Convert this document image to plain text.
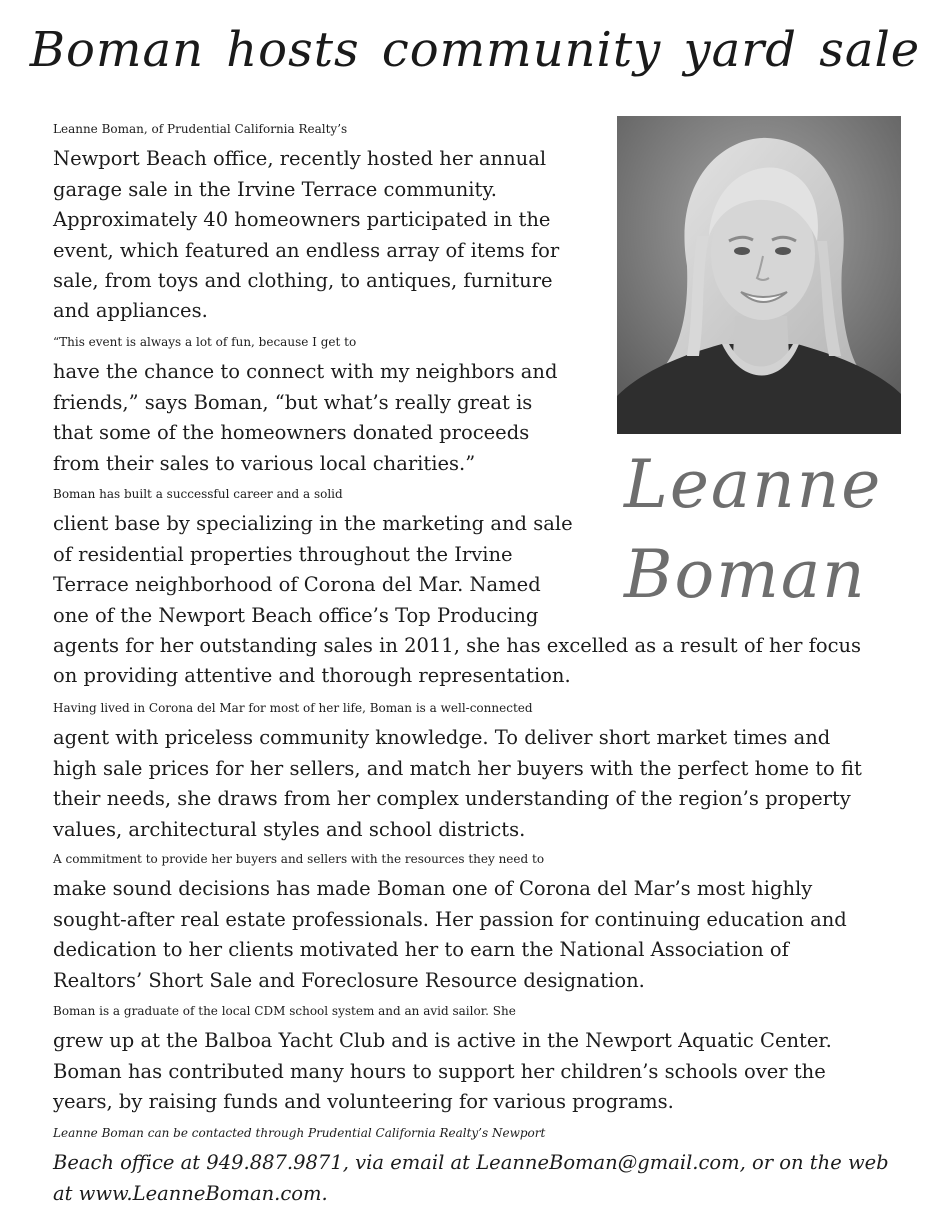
Boman hosts community yard sale
Leanne
Boman

Leanne Boman, of Prudential California Realty’s
Newport Beach office, recently hosted her annual
garage sale in the Irvine Terrace community.
Approximately 40 homeowners participated in the
event, which featured an endless array of items for
sale, from toys and clothing, to antiques, furniture
and appliances.

“This event is always a lot of fun, because I get to
have the chance to connect with my neighbors and
friends,” says Boman, “but what’s really great is
that some of the homeowners donated proceeds
from their sales to various local charities.”

Boman has built a successful career and a solid
client base by specializing in the marketing and sale
of residential properties throughout the Irvine
Terrace neighborhood of Corona del Mar. Named
one of the Newport Beach office’s Top Producing
agents for her outstanding sales in 2011, she has excelled as a result of her focus
on providing attentive and thorough representation.

Having lived in Corona del Mar for most of her life, Boman is a well-connected
agent with priceless community knowledge. To deliver short market times and
high sale prices for her sellers, and match her buyers with the perfect home to fit
their needs, she draws from her complex understanding of the region’s property
values, architectural styles and school districts.

A commitment to provide her buyers and sellers with the resources they need to
make sound decisions has made Boman one of Corona del Mar’s most highly
sought-after real estate professionals. Her passion for continuing education and
dedication to her clients motivated her to earn the National Association of
Realtors’ Short Sale and Foreclosure Resource designation.

Boman is a graduate of the local CDM school system and an avid sailor. She
grew up at the Balboa Yacht Club and is active in the Newport Aquatic Center.
Boman has contributed many hours to support her children’s schools over the
years, by raising funds and volunteering for various programs.

Leanne Boman can be contacted through Prudential California Realty’s Newport
Beach office at 949.887.9871, via email at LeanneBoman@gmail.com, or on the web
at www.LeanneBoman.com.
